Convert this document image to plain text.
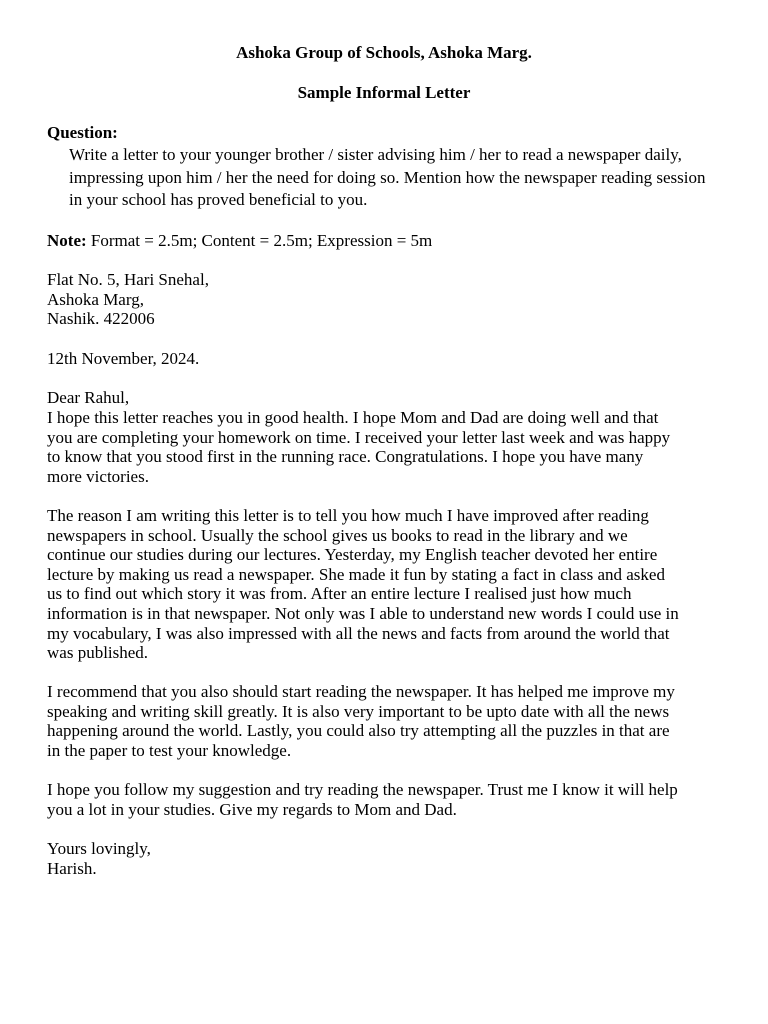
Ashoka Group of Schools, Ashoka Marg.
Sample Informal Letter
Question:
Write a letter to your younger brother / sister advising him / her to read a newspaper daily, impressing upon him / her the need for doing so. Mention how the newspaper reading session in your school has proved beneficial to you.
Note: Format = 2.5m; Content = 2.5m; Expression = 5m
Flat No. 5, Hari Snehal,
Ashoka Marg,
Nashik. 422006
12th November, 2024.
Dear Rahul,
I hope this letter reaches you in good health. I hope Mom and Dad are doing well and that
you are completing your homework on time. I received your letter last week and was happy
to know that you stood first in the running race. Congratulations. I hope you have many
more victories.
The reason I am writing this letter is to tell you how much I have improved after reading
newspapers in school. Usually the school gives us books to read in the library and we
continue our studies during our lectures. Yesterday, my English teacher devoted her entire
lecture by making us read a newspaper. She made it fun by stating a fact in class and asked
us to find out which story it was from. After an entire lecture I realised just how much
information is in that newspaper. Not only was I able to understand new words I could use in
my vocabulary, I was also impressed with all the news and facts from around the world that
was published.
I recommend that you also should start reading the newspaper. It has helped me improve my
speaking and writing skill greatly. It is also very important to be upto date with all the news
happening around the world. Lastly, you could also try attempting all the puzzles in that are
in the paper to test your knowledge.
I hope you follow my suggestion and try reading the newspaper. Trust me I know it will help
you a lot in your studies. Give my regards to Mom and Dad.
Yours lovingly,
Harish.
